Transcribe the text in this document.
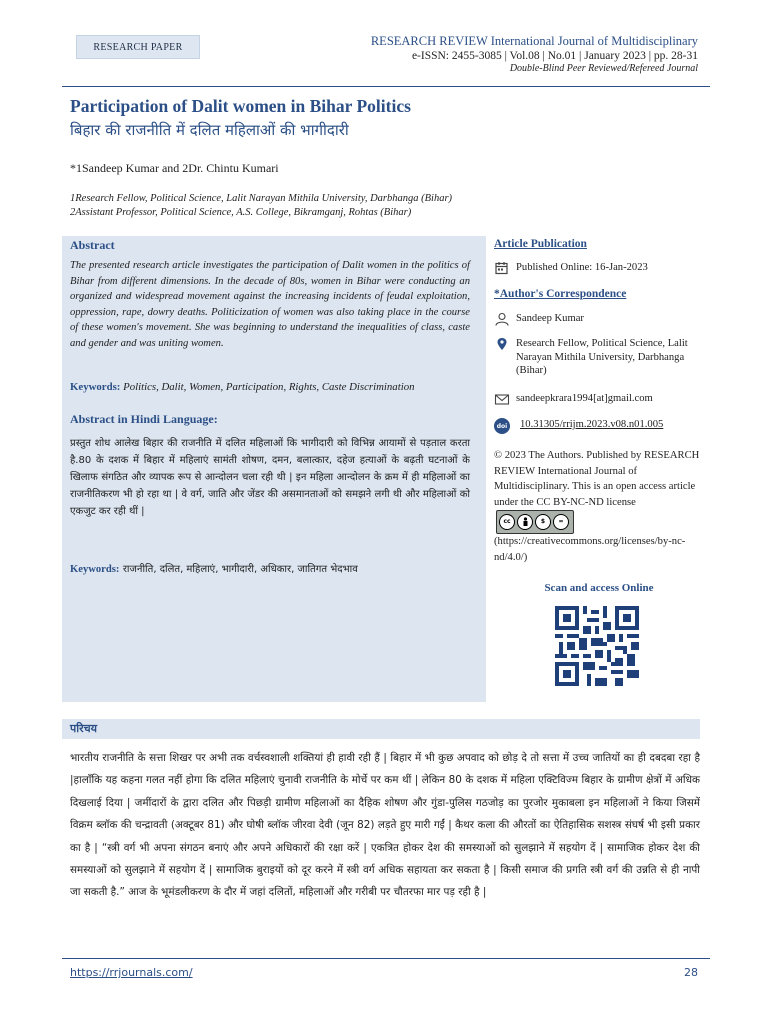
RESEARCH PAPER	RESEARCH REVIEW International Journal of Multidisciplinary
e-ISSN: 2455-3085 | Vol.08 | No.01 | January 2023 | pp. 28-31
Double-Blind Peer Reviewed/Refereed Journal
Participation of Dalit women in Bihar Politics
बिहार की राजनीति में दलित महिलाओं की भागीदारी
*1Sandeep Kumar and 2Dr. Chintu Kumari
1Research Fellow, Political Science, Lalit Narayan Mithila University, Darbhanga (Bihar)
2Assistant Professor, Political Science, A.S. College, Bikramganj, Rohtas (Bihar)
Abstract
The presented research article investigates the participation of Dalit women in the politics of Bihar from different dimensions. In the decade of 80s, women in Bihar were conducting an organized and widespread movement against the increasing incidents of feudal exploitation, oppression, rape, dowry deaths. Politicization of women was also taking place in the course of these women's movement. She was beginning to understand the inequalities of class, caste and gender and was uniting women.
Keywords: Politics, Dalit, Women, Participation, Rights, Caste Discrimination
Abstract in Hindi Language:
प्रस्तुत शोध आलेख बिहार की राजनीति में दलित महिलाओं कि भागीदारी को विभिन्न आयामों से पड़ताल करता है.80 के दशक में बिहार में महिलाएं सामंती शोषण, दमन, बलात्कार, दहेज हत्याओं के बढ़ती घटनाओं के खिलाफ संगठित और व्यापक रूप से आन्दोलन चला रही थी | इन महिला आन्दोलन के क्रम में ही महिलाओं का राजनीतिकरण भी हो रहा था | वे वर्ग, जाति और जेंडर की असमानताओं को समझने लगी थी और महिलाओं को एकजुट कर रही थीं |
Keywords: राजनीति, दलित, महिलाएं, भागीदारी, अधिकार, जातिगत भेदभाव
Article Publication
Published Online: 16-Jan-2023
*Author's Correspondence
Sandeep Kumar
Research Fellow, Political Science, Lalit Narayan Mithila University, Darbhanga (Bihar)
sandeepkrara1994[at]gmail.com
doi 10.31305/rrijm.2023.v08.n01.005
© 2023 The Authors. Published by RESEARCH REVIEW International Journal of Multidisciplinary. This is an open access article under the CC BY-NC-ND license
cc	$	=

(https://creativecommons.org/licenses/by-nc-nd/4.0/)
Scan and access Online
परिचय
भारतीय राजनीति के सत्ता शिखर पर अभी तक वर्चस्वशाली शक्तियां ही हावी रही हैं | बिहार में भी कुछ अपवाद को छोड़ दे तो सत्ता में उच्च जातियों का ही दबदबा रहा है |हालाँकि यह कहना गलत नहीं होगा कि दलित महिलाएं चुनावी राजनीति के मोर्चे पर कम थीं | लेकिन 80 के दशक में महिला एक्टिविज्म बिहार के ग्रामीण क्षेत्रों में अधिक दिखलाई दिया | जमींदारों के द्वारा दलित और पिछड़ी ग्रामीण महिलाओं का दैहिक शोषण और गुंडा-पुलिस गठजोड़ का पुरजोर मुकाबला इन महिलाओं ने किया जिसमें विक्रम ब्लॉक की चन्द्रावती (अक्टूबर 81) और घोषी ब्लॉक जीरवा देवी (जून 82) लड़ते हुए मारी गईं | कैथर कला की औरतों का ऐतिहासिक सशस्त्र संघर्ष भी इसी प्रकार का है | “स्त्री वर्ग भी अपना संगठन बनाएं और अपने अधिकारों की रक्षा करें | एकत्रित होकर देश की समस्याओं को सुलझाने में सहयोग दें | सामाजिक होकर देश की समस्याओं को सुलझाने में सहयोग दें | सामाजिक बुराइयों को दूर करने में स्त्री वर्ग अधिक सहायता कर सकता है | किसी समाज की प्रगति स्त्री वर्ग की उन्नति से ही नापी जा सकती है.” आज के भूमंडलीकरण के दौर में जहां दलितों, महिलाओं और गरीबी पर चौतरफा मार पड़ रही है |
https://rrjournals.com/	28
